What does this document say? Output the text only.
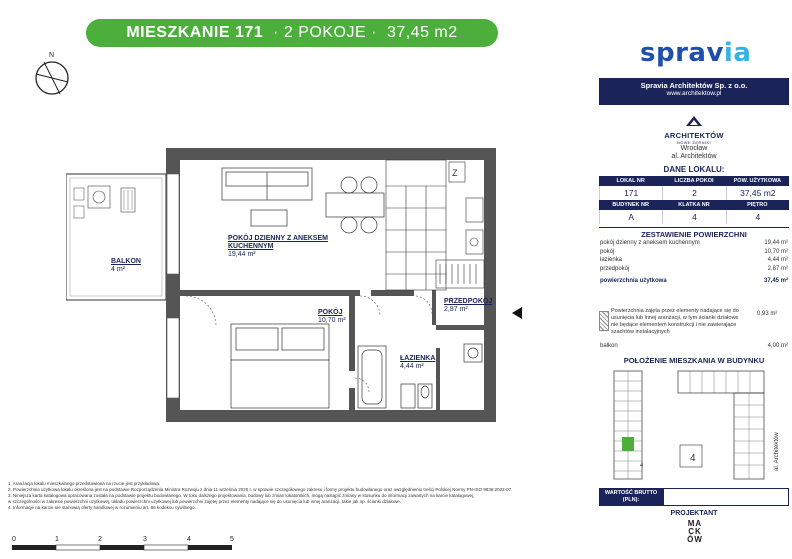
MIESZKANIE 171 · 2 POKOJE · 37,45 m2
N	spravia
Z
POKÓJ DZIENNY Z ANEKSEM KUCHENNYM
19,44 m²
BALKON
4 m²
POKÓJ
10,70 m²
PRZEDPOKÓJ
2,87 m²
ŁAZIENKA
4,44 m²
Spravia Architektów Sp. z o.o.
www.architektow.pl
ARCHITEKTÓW
NOWE ŻERNIKI
Wrocław
al. Architektów
DANE LOKALU:
LOKAL NR	LICZBA POKOI	POW. UŻYTKOWA
171	2	37,45 m2
BUDYNEK NR	KLATKA NR	PIĘTRO
A	4	4
ZESTAWIENIE POWIERZCHNI
pokój dzienny z aneksem kuchennym	19,44 m²
pokój	10,70 m²
łazienka	4,44 m²
przedpokój	2,87 m²
powierzchnia użytkowa	37,45 m²
Powierzchnia zajęta przez elementy nadające się do usunięcia lub innej aranżacji, w tym ścianki działowe nie będące elementem konstrukcji i nie zawierające szachtów instalacyjnych
0,93 m²
balkon	4,00 m²
POŁOŻENIE MIESZKANIA W BUDYNKU
4
4	al. Architektów
WARTOŚĆ BRUTTO (PLN):
PROJEKTANT
MA
CK
ÓW
1. Aranżacja lokalu mieszkalnego przedstawiona na rzucie jest przykładowa.
2. Powierzchnia użytkowa lokalu określona jest na podstawie Rozporządzenia Ministra Rozwoju z dnia 11 września 2020 r. w sprawie szczegółowego zakresu i formy projektu budowlanego oraz uwzględnieniu treści Polskiej Normy PN-ISO 9836:2022-07.
3. Niniejsza karta katalogowa opracowana została na podstawie projektu budowlanego. W toku dalszego projektowania, budowy lub zmian lokatorskich, mogą nastąpić zmiany w stosunku do informacji zawartych na karcie katalogowej,
w szczególności w zakresie powierzchni użytkowej, układu powierzchni użytkowej lub powierzchni zajętej przez elementy nadające się do usunięcia lub innej aranżacji, takie jak np. ścianki działowe.
4. Informacje na karcie nie stanowią oferty handlowej w rozumieniu art. 66 kodeksu cywilnego.
0	1	2	3	4	5
